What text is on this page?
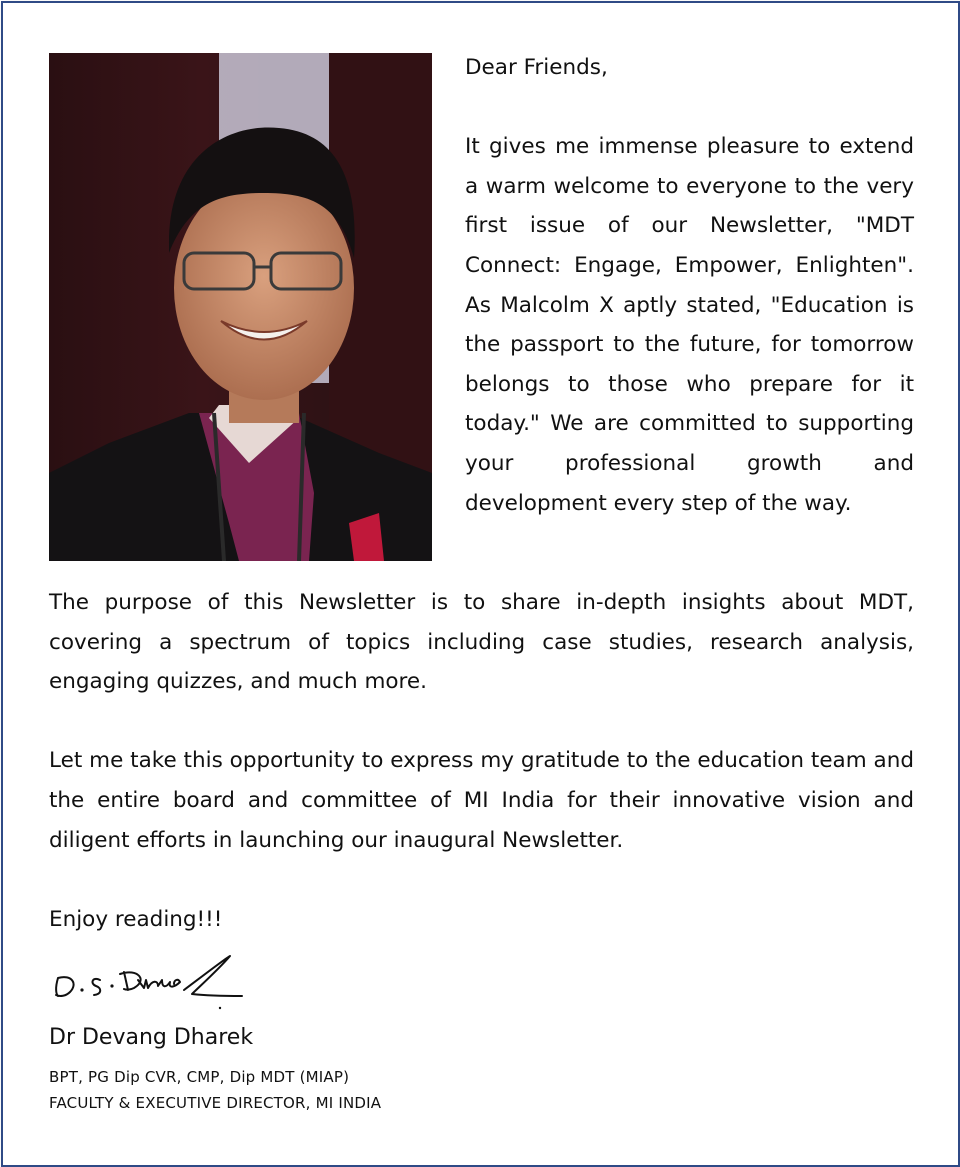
Dear Friends,

It gives me immense pleasure to extend a warm welcome to everyone to the very first issue of our Newsletter, "MDT Connect: Engage, Empower, Enlighten". As Malcolm X aptly stated, "Education is the passport to the future, for tomorrow belongs to those who prepare for it today." We are committed to supporting your professional growth and development every step of the way.

The purpose of this Newsletter is to share in-depth insights about MDT, covering a spectrum of topics including case studies, research analysis, engaging quizzes, and much more.

Let me take this opportunity to express my gratitude to the education team and the entire board and committee of MI India for their innovative vision and diligent efforts in launching our inaugural Newsletter.

Enjoy reading!!!

Dr Devang Dharek
BPT, PG Dip CVR, CMP, Dip MDT (MIAP)
FACULTY & EXECUTIVE DIRECTOR, MI INDIA
